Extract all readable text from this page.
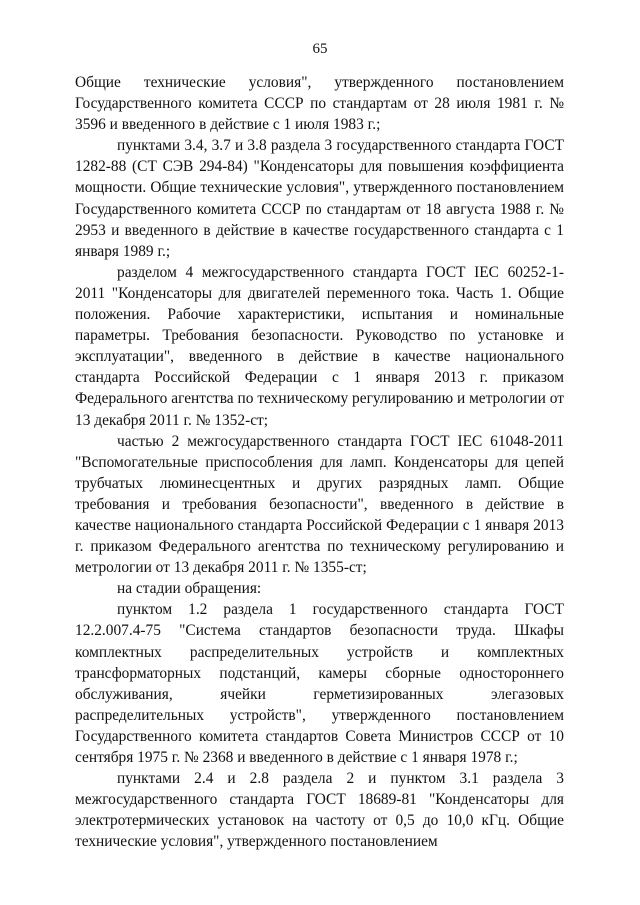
65

Общие технические условия", утвержденного постановлением Государственного комитета СССР по стандартам от 28 июля 1981 г. № 3596 и введенного в действие с 1 июля 1983 г.;

пунктами 3.4, 3.7 и 3.8 раздела 3 государственного стандарта ГОСТ 1282-88 (СТ СЭВ 294-84) "Конденсаторы для повышения коэффициента мощности. Общие технические условия", утвержденного постановлением Государственного комитета СССР по стандартам от 18 августа 1988 г. № 2953 и введенного в действие в качестве государственного стандарта с 1 января 1989 г.;

разделом 4 межгосударственного стандарта ГОСТ IEC 60252-1-2011 "Конденсаторы для двигателей переменного тока. Часть 1. Общие положения. Рабочие характеристики, испытания и номинальные параметры. Требования безопасности. Руководство по установке и эксплуатации", введенного в действие в качестве национального стандарта Российской Федерации с 1 января 2013 г. приказом Федерального агентства по техническому регулированию и метрологии от 13 декабря 2011 г. № 1352-ст;

частью 2 межгосударственного стандарта ГОСТ IEC 61048-2011 "Вспомогательные приспособления для ламп. Конденсаторы для цепей трубчатых люминесцентных и других разрядных ламп. Общие требования и требования безопасности", введенного в действие в качестве национального стандарта Российской Федерации с 1 января 2013 г. приказом Федерального агентства по техническому регулированию и метрологии от 13 декабря 2011 г. № 1355-ст;

на стадии обращения:

пунктом 1.2 раздела 1 государственного стандарта ГОСТ 12.2.007.4-75 "Система стандартов безопасности труда. Шкафы комплектных распределительных устройств и комплектных трансформаторных подстанций, камеры сборные одностороннего обслуживания, ячейки герметизированных элегазовых распределительных устройств", утвержденного постановлением Государственного комитета стандартов Совета Министров СССР от 10 сентября 1975 г. № 2368 и введенного в действие с 1 января 1978 г.;

пунктами 2.4 и 2.8 раздела 2 и пунктом 3.1 раздела 3 межгосударственного стандарта ГОСТ 18689-81 "Конденсаторы для электротермических установок на частоту от 0,5 до 10,0 кГц. Общие технические условия", утвержденного постановлением
